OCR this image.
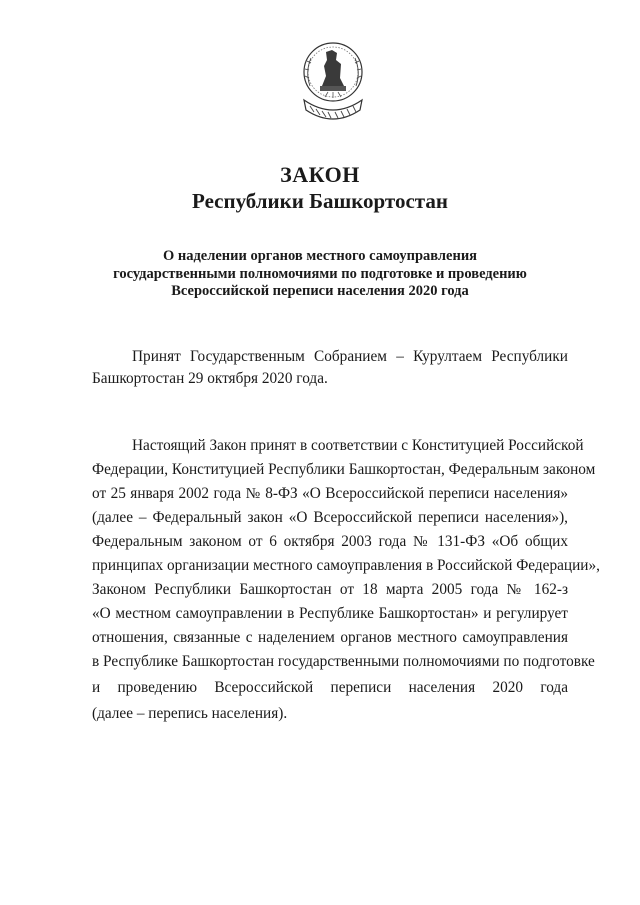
ЗАКОН
Республики Башкортостан
О наделении органов местного самоуправления
государственными полномочиями по подготовке и проведению
Всероссийской переписи населения 2020 года
Принят Государственным Собранием – Курултаем Республики
Башкортостан 29 октября 2020 года.
Настоящий Закон принят в соответствии с Конституцией Российской
Федерации, Конституцией Республики Башкортостан, Федеральным законом
от 25 января 2002 года № 8-ФЗ «О Всероссийской переписи населения»
(далее – Федеральный закон «О Всероссийской переписи населения»),
Федеральным законом от 6 октября 2003 года № 131-ФЗ «Об общих
принципах организации местного самоуправления в Российской Федерации»,
Законом Республики Башкортостан от 18 марта 2005 года № 162-з
«О местном самоуправлении в Республике Башкортостан» и регулирует
отношения, связанные с наделением органов местного самоуправления
в Республике Башкортостан государственными полномочиями по подготовке
и проведению Всероссийской переписи населения 2020 года
(далее – перепись населения).
